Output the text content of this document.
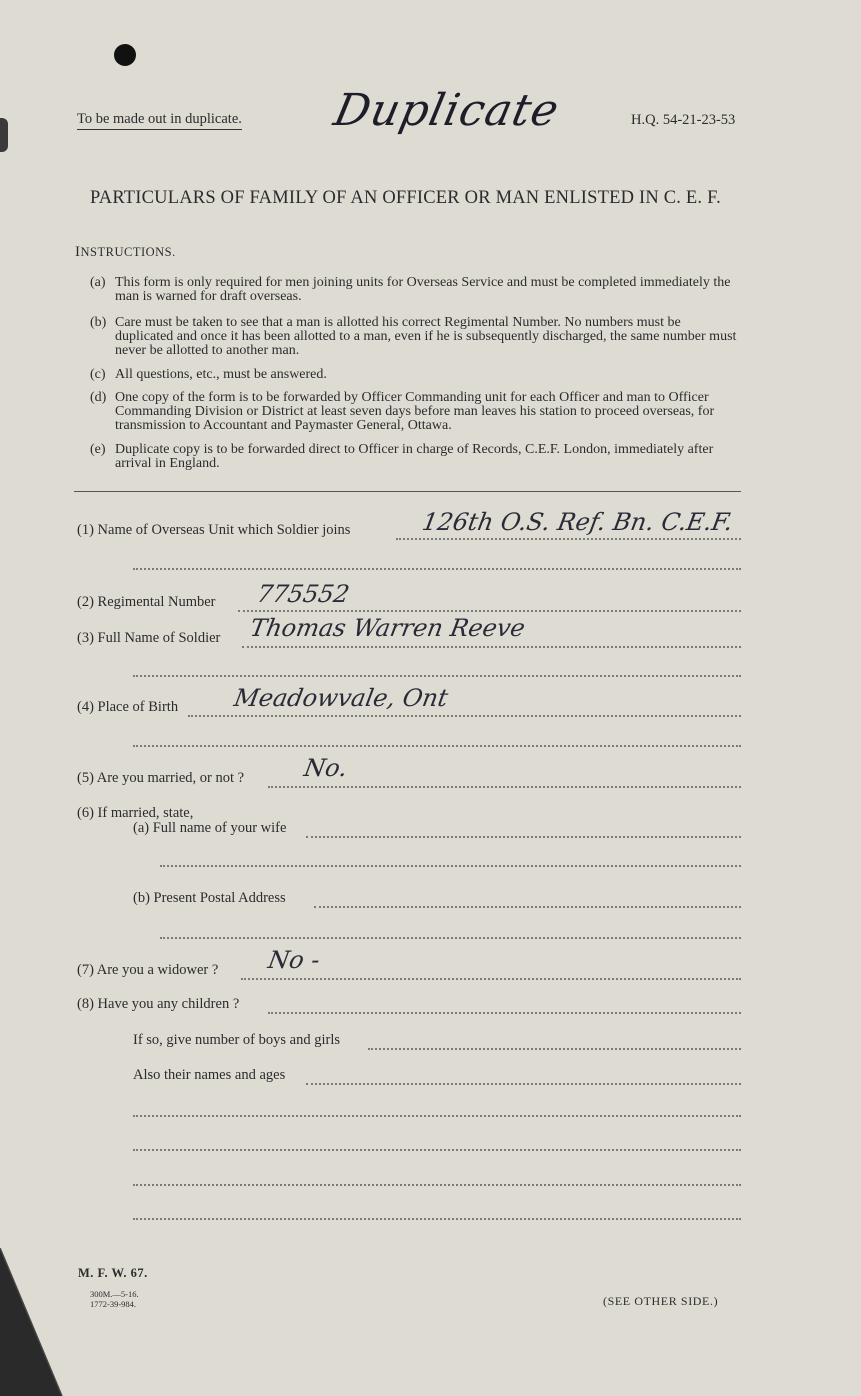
To be made out in duplicate. Duplicate	H.Q. 54-21-23-53
PARTICULARS OF FAMILY OF AN OFFICER OR MAN ENLISTED IN C. E. F.
INSTRUCTIONS.
(a) This form is only required for men joining units for Overseas Service and must be completed immediately the man is warned for draft overseas.
(b) Care must be taken to see that a man is allotted his correct Regimental Number. No numbers must be duplicated and once it has been allotted to a man, even if he is subsequently discharged, the same number must never be allotted to another man.
(c) All questions, etc., must be answered.
(d) One copy of the form is to be forwarded by Officer Commanding unit for each Officer and man to Officer Commanding Division or District at least seven days before man leaves his station to proceed overseas, for transmission to Accountant and Paymaster General, Ottawa.
(e) Duplicate copy is to be forwarded direct to Officer in charge of Records, C.E.F. London, immediately after arrival in England.
(1) Name of Overseas Unit which Soldier joins	126th O.S. Ref. Bn. C.E.F.
(2) Regimental Number 775552
(3) Full Name of Soldier Thomas Warren Reeve
(4) Place of Birth Meadowvale, Ont
(5) Are you married, or not ? No.
(6) If married, state,
(a) Full name of your wife
(b) Present Postal Address
(7) Are you a widower ? No -
(8) Have you any children ?
If so, give number of boys and girls
Also their names and ages
M. F. W. 67.
300M.—5-16.
1772-39-984.	(SEE OTHER SIDE.)
